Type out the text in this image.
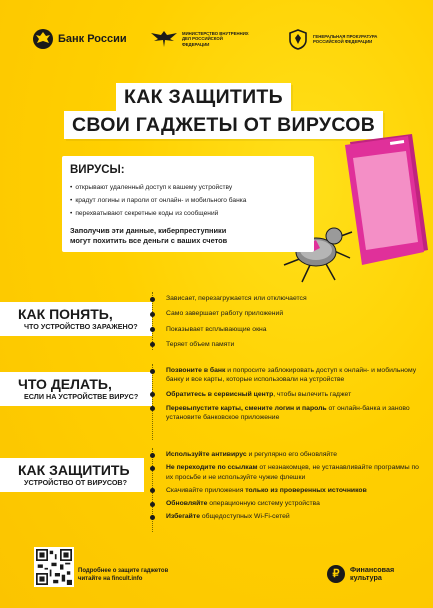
Банк России	МИНИСТЕРСТВО ВНУТРЕННИХ ДЕЛ РОССИЙСКОЙ ФЕДЕРАЦИИ
ГЕНЕРАЛЬНАЯ ПРОКУРАТУРА РОССИЙСКОЙ ФЕДЕРАЦИИ
КАК ЗАЩИТИТЬ
СВОИ ГАДЖЕТЫ ОТ ВИРУСОВ
ВИРУСЫ:
• открывают удаленный доступ к вашему устройству
• крадут логины и пароли от онлайн- и мобильного банка
• перехватывают секретные коды из сообщений
Заполучив эти данные, киберпреступники
могут похитить все деньги с ваших счетов
КАК ПОНЯТЬ,
ЧТО УСТРОЙСТВО ЗАРАЖЕНО?
Зависает, перезагружается или отключается
Само завершает работу приложений
Показывает всплывающие окна
Теряет объем памяти
ЧТО ДЕЛАТЬ,
ЕСЛИ НА УСТРОЙСТВЕ ВИРУС?
Позвоните в банк и попросите заблокировать доступ к онлайн- и мобильному банку и все карты, которые использовали на устройстве
Обратитесь в сервисный центр, чтобы вылечить гаджет
Перевыпустите карты, смените логин и пароль от онлайн-банка и заново установите банковское приложение
КАК ЗАЩИТИТЬ
УСТРОЙСТВО ОТ ВИРУСОВ?
Используйте антивирус и регулярно его обновляйте
Не переходите по ссылкам от незнакомцев, не устанавливайте программы по их просьбе и не используйте чужие флешки
Скачивайте приложения только из проверенных источников
Обновляйте операционную систему устройства
Избегайте общедоступных Wi-Fi-сетей
Подробнее о защите гаджетов
читайте на fincult.info	₽	Финансовая
культура
